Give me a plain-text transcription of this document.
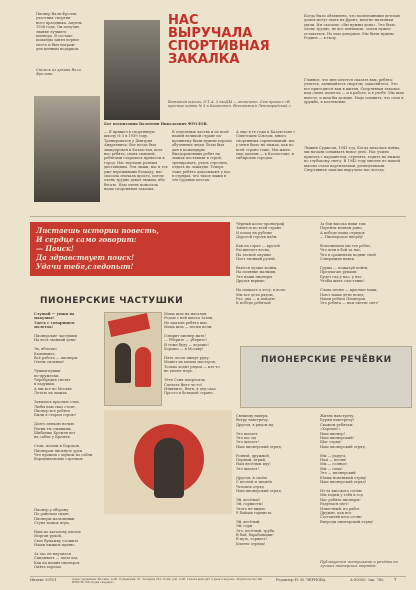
Пионер Валя Фролов,
участник спортив-
ного праздника. Апрель
1938 года. Он получил
звание лучшего
пионера. В составе
команды занял первое
место и был награж-
ден ценным подарком.
Снимок из архива Вали
Фролова.
Бог воспитания Валентин Николаевич ФРОЛОВ.
НАС
ВЫРУЧАЛА
СПОРТИВНАЯ
ЗАКАЛКА
Вожатая школы, О.Т.А. 5 вхоДЫ — отмечено. Сам пришел «В
красные шапки № 5 в Казахстан. Всесоюзный Ленинградский.»
— Я пришел в спортивную школу № 5 в 1939 году. Тренировался у Дмитрия Андреевича. Вот когда был эвакуирован в Казахстан, всех нас ребята, своих сыновей, ребятами старались привести в город. Нас научили разным дистанциям. Эти лыжи, нас в тех уже переживших блокаду, нас спасала сначала просто, потом очень трудно давал лыжам, ибо бегать. Нам очень помогала наша спортивная закалка.
В отдельных частях и по всей нашей великой стране по-прежнему были нужны хорошо обученные люди. Всем был дан в командиры. Выздоровевших ребят на лыжах поставили в строй, тренировать, учить стрелять, ездить на лошадях. Теперь тоже ребята доказывают у нас в отрядах, что такое лыжи в тех суровых местах.
А еще в те годы в Казахстане с Советским Союзом, много спортивных соревнований: нас у меня было на лыжах, как по всей стране тоже. Мы жили еще дальше — в Казахстане, в сибирских городах.
Когда было объявлено, что воспитанники детских домов могут ехать на фронт, многие мальчики ушли. Им сказали: «Вы нужны дома». Это было очень трудно, не все понимали, зачем нужно оставаться. Но нам доверили. Мы были нужны Родине — в тылу.
Главное, что мне хочется сказать вам, ребята: учитесь, занимайтесь спортом, закаляйтесь. Это все пригодится вам в жизни. Спортивная закалка нам очень помогла — и в работе, и в учебе. Мы шли вместе, и шли бы дальше. Надо помнить, что сила в дружбе, в коллективе.
Лыжня Суджоля, 1941 год. Когда началась война, мы начали осваивать новое дело. Нас учили прыгать с парашютом, стрелять, ходить на лыжах по глубокому снегу. В 1942 году многие из нашей школы стали партизанами, разведчиками. Спортивная закалка выручала нас всегда.
Листаешь истории повесть,
И сердце само говорит:
— Поиск!
Да здравствует поиск!
Удачи тебе,следопыт!
Чёрный колос-хронограф
Змеится по всей стране
И поход на рубеже
Дорогой героев идём.

Как на горке — крутой
Расцветает весна,
На лесной опушке
Поет звонкий ручей.

Вьются лучше волны,
На полянке малыши,
Это наши пионеры
Друзья верные.

На плакате а лесу, в поле,
Мы все дети рядом,
Раз, два — и пойдем
К победе ребятам!
За бои высоко пики там
Перейти волнам рано,
А победе наша отрядов
— Пионерское вперёд!

Вспоминаем мы тех ребят,
Что шли в бой за нас,
Что в сраженьях подвиг свой
Совершили навек.

Груша — пожалуй пойти,
Предлагаю руками
Будет сад у нас, у нас
Чтобы жить счастливо!

Слова песни — красные маки,
Поют наши дети вслед,
Наши ребята Пионеров.
Это ребята — нам светит свет!
ПИОНЕРСКИЕ ЧАСТУШКИ
Слушай — ушки на
макушке!
Здесь с товарищем
молоток!
Пионерские частушки
На весь звонкий день!

Эх, яблочко
Калиновое,
Всё работа — пионеры
Очень сильные!

Чушки-пушки
по-дружески,
Черебредня светит
в ладушки,
А мы все по Москве
Летать на лыжах.

Заяились красные стаи,
Любы нам сказ стоит,
Пионер все ребята
Были в старом строю!

Долго пенкою ночью
Риски ты слышишь,
Шибаешь Кремля вот
на сабли у Кремля.

Сели, пошли и Бороков,
Пионерам пискнуть урок
Что прошли с шумом по сабли
Ворошиловских стрелков.
Мама шла на магазин,
Редом с ней шагал Зазин,
Не шагали ребята шаг,
Мама шла — песни пели.

Говорит пионер мать!
— Уберите — уберите!
Я тоже буду — хорошо!
Хорошо — в Москву!

Пять лесок пишут руку,
Может их малых мастеров,
Только ходит рядом — кто-то
не умеют пере.

Тётя Соня попросила
Сделать Вите чо-то!
Извините, Витя, я дед-сказ
Просто в большой стране.
Пионер у оборону
По районам сидит,
Пионеры мальчишки
Ступа ножок игра,

Наш по каталону писать
Морган рукой,
Свое бумажку сложить
Наши ежиков шумно.

За час не научился
Скидывать — часы ход.
Как на наших пионеров
Опять хорошо.
ПИОНЕРСКИЕ РЕЧЁВКИ
Свежему наверх,
Ветру навстречу,
Другом, в рядом ид.

Это шагает
Это вос ид
Это шагает!
Наш пионерский отряд.

Ровной, дружной,
Перный, игрий,
Нам весёлым иду!
Это шагает!

Другом, в своём
С песней и знамён
Человек отряд
Наш пионерский отряд.

Эй, весёлые!
Эй, горнисты!
Этого не видно
У бойцах горниста.

Эй, весёлый,
Эй, горн
Это, весёлый, труба.
В бой, барабанщик!
В путь, горнист!
Клеенс отряда!
Жизнь навстречу,
Бурям навстречу!
Скажем ребятам:
«Хорошо!»
Наш пионер!
Наш пионерский!
Шаг отряд!
Наш пионерский отряд.

Мы — радуга,
Нам — песня!
Мы — солнце!
Мы — сила!
Это — пионерский
Юнык новенький отряд!
Наш пионерский отряд!

Из-за высокого сосны
Мы ходим у тебя в год
Нас ребята пионеры!
Радуемся свет!
Известный, но работ
Дружит, как все.
Составляй весь огонь!
Впереди пионерский отряд!
Публикуется частушками и речёвки на лучших пионерских отрядов.
Индекс 50101	Адрес редакции: Москва, А-30, Сущевская, 21. Телефон 251-15-00, доб. 2-20. Газета выходит 2 раза в неделю. Издательство ЦК ВЛКСМ «Молодая гвардия».
Редактор Н. М. ЧЕРНОВА	А-00000. Зак. 760.	7
